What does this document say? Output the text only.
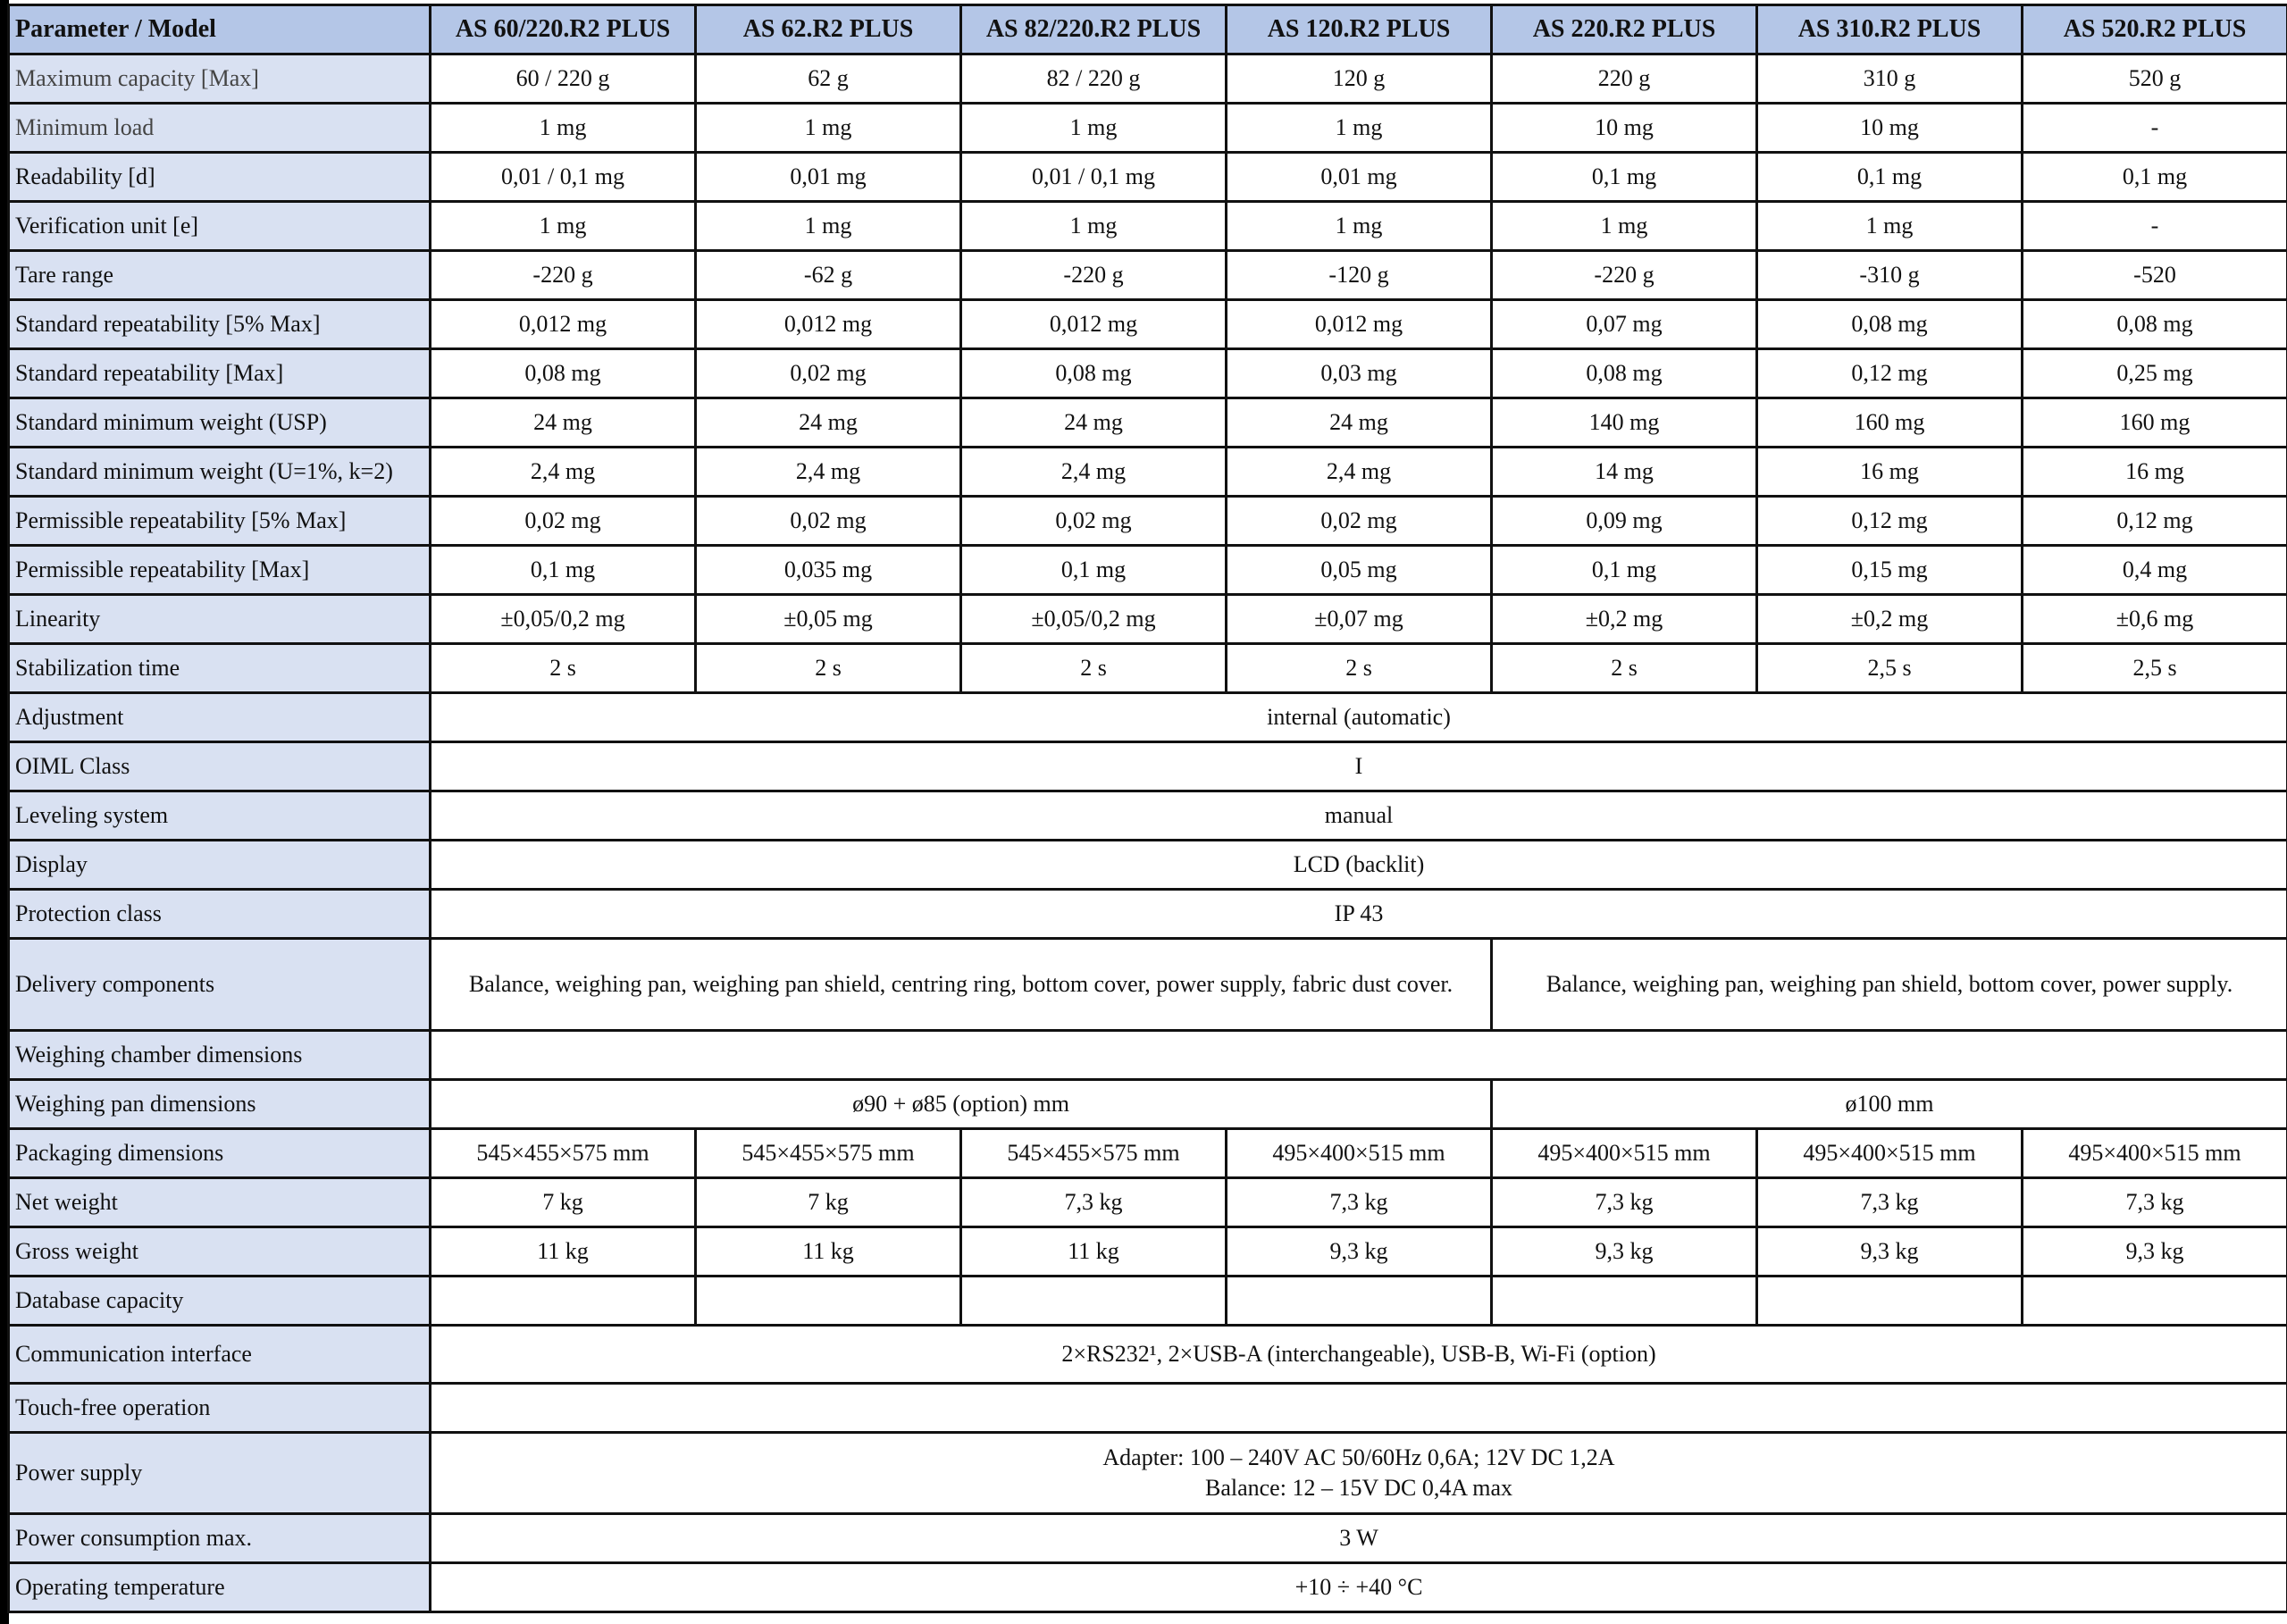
Parameter / Model	AS 60/220.R2 PLUS	AS 62.R2 PLUS	AS 82/220.R2 PLUS	AS 120.R2 PLUS	AS 220.R2 PLUS	AS 310.R2 PLUS	AS 520.R2 PLUS
Maximum capacity [Max]	60 / 220 g	62 g	82 / 220 g	120 g	220 g	310 g	520 g
Minimum load	1 mg	1 mg	1 mg	1 mg	10 mg	10 mg	-
Readability [d]	0,01 / 0,1 mg	0,01 mg	0,01 / 0,1 mg	0,01 mg	0,1 mg	0,1 mg	0,1 mg
Verification unit [e]	1 mg	1 mg	1 mg	1 mg	1 mg	1 mg	-
Tare range	-220 g	-62 g	-220 g	-120 g	-220 g	-310 g	-520
Standard repeatability [5% Max]	0,012 mg	0,012 mg	0,012 mg	0,012 mg	0,07 mg	0,08 mg	0,08 mg
Standard repeatability [Max]	0,08 mg	0,02 mg	0,08 mg	0,03 mg	0,08 mg	0,12 mg	0,25 mg
Standard minimum weight (USP)	24 mg	24 mg	24 mg	24 mg	140 mg	160 mg	160 mg
Standard minimum weight (U=1%, k=2)	2,4 mg	2,4 mg	2,4 mg	2,4 mg	14 mg	16 mg	16 mg
Permissible repeatability [5% Max]	0,02 mg	0,02 mg	0,02 mg	0,02 mg	0,09 mg	0,12 mg	0,12 mg
Permissible repeatability [Max]	0,1 mg	0,035 mg	0,1 mg	0,05 mg	0,1 mg	0,15 mg	0,4 mg
Linearity	±0,05/0,2 mg	±0,05 mg	±0,05/0,2 mg	±0,07 mg	±0,2 mg	±0,2 mg	±0,6 mg
Stabilization time	2 s	2 s	2 s	2 s	2 s	2,5 s	2,5 s
Adjustment	internal (automatic)						
OIML Class	I						
Leveling system	manual						
Display	LCD (backlit)						
Protection class	IP 43						
Delivery components	Balance, weighing pan, weighing pan shield, centring ring, bottom cover, power supply, fabric dust cover.				Balance, weighing pan, weighing pan shield, bottom cover, power supply.		
Weighing chamber dimensions							
Weighing pan dimensions	ø90 + ø85 (option) mm				ø100 mm		
Packaging dimensions	545×455×575 mm	545×455×575 mm	545×455×575 mm	495×400×515 mm	495×400×515 mm	495×400×515 mm	495×400×515 mm
Net weight	7 kg	7 kg	7,3 kg	7,3 kg	7,3 kg	7,3 kg	7,3 kg
Gross weight	11 kg	11 kg	11 kg	9,3 kg	9,3 kg	9,3 kg	9,3 kg
Database capacity							
Communication interface	2×RS232¹, 2×USB-A (interchangeable), USB-B, Wi-Fi (option)						
Touch-free operation							
Power supply	Adapter: 100 – 240V AC 50/60Hz 0,6A; 12V DC 1,2A
Balance: 12 – 15V DC 0,4A max						

Power consumption max.	3 W						
Operating temperature	+10 ÷ +40 °C						
